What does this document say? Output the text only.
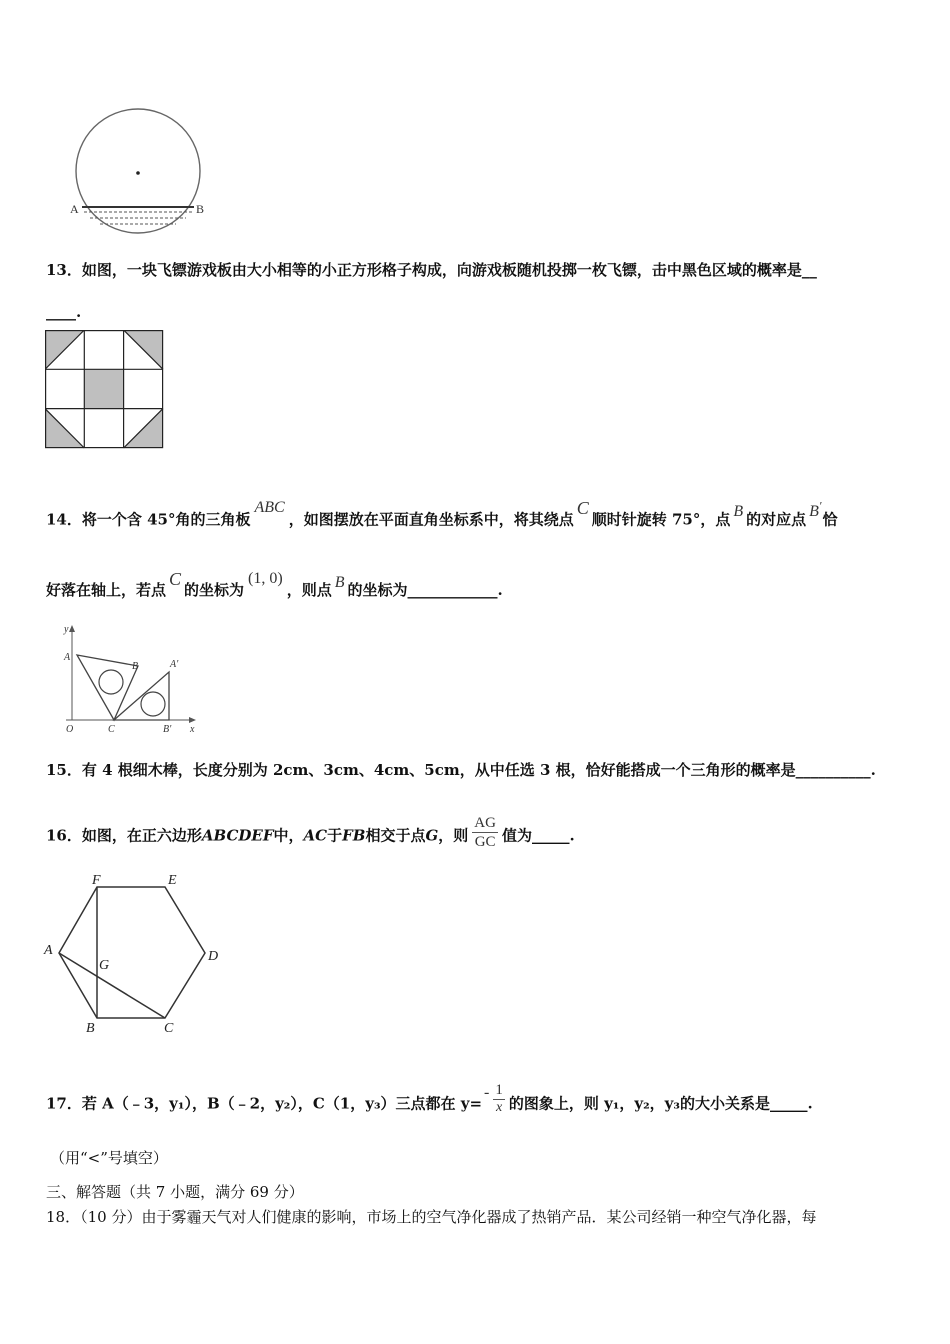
A	B
13．如图，一块飞镖游戏板由大小相等的小正方形格子构成，向游戏板随机投掷一枚飞镖，击中黑色区域的概率是__
____.
14．将一个含 45°角的三角板ABC，如图摆放在平面直角坐标系中，将其绕点C顺时针旋转 75°，点 B 的对应点 B′恰
好落在轴上，若点C的坐标为(1, 0)，则点 B 的坐标为____________.
y
A
B	A'
O	C	B' x
15．有 4 根细木棒，长度分别为 2cm、3cm、4cm、5cm，从中任选 3 根，恰好能搭成一个三角形的概率是__________.
16．如图，在正六边形ABCDEF中，AC于FB相交于点G，则 $\frac{AG}{GC}$ 值为_____.
F	E
A
G
D
B	C
17．若 A（﹣3，y₁），B（﹣2，y₂），C（1，y₃）三点都在 $y=- \frac{1}{x}$ 的图象上，则 y₁，y₂，y₃的大小关系是_____.
（用“<”号填空）
三、解答题（共 7 小题，满分 69 分）
18．（10 分）由于雾霾天气对人们健康的影响，市场上的空气净化器成了热销产品．某公司经销一种空气净化器，每
